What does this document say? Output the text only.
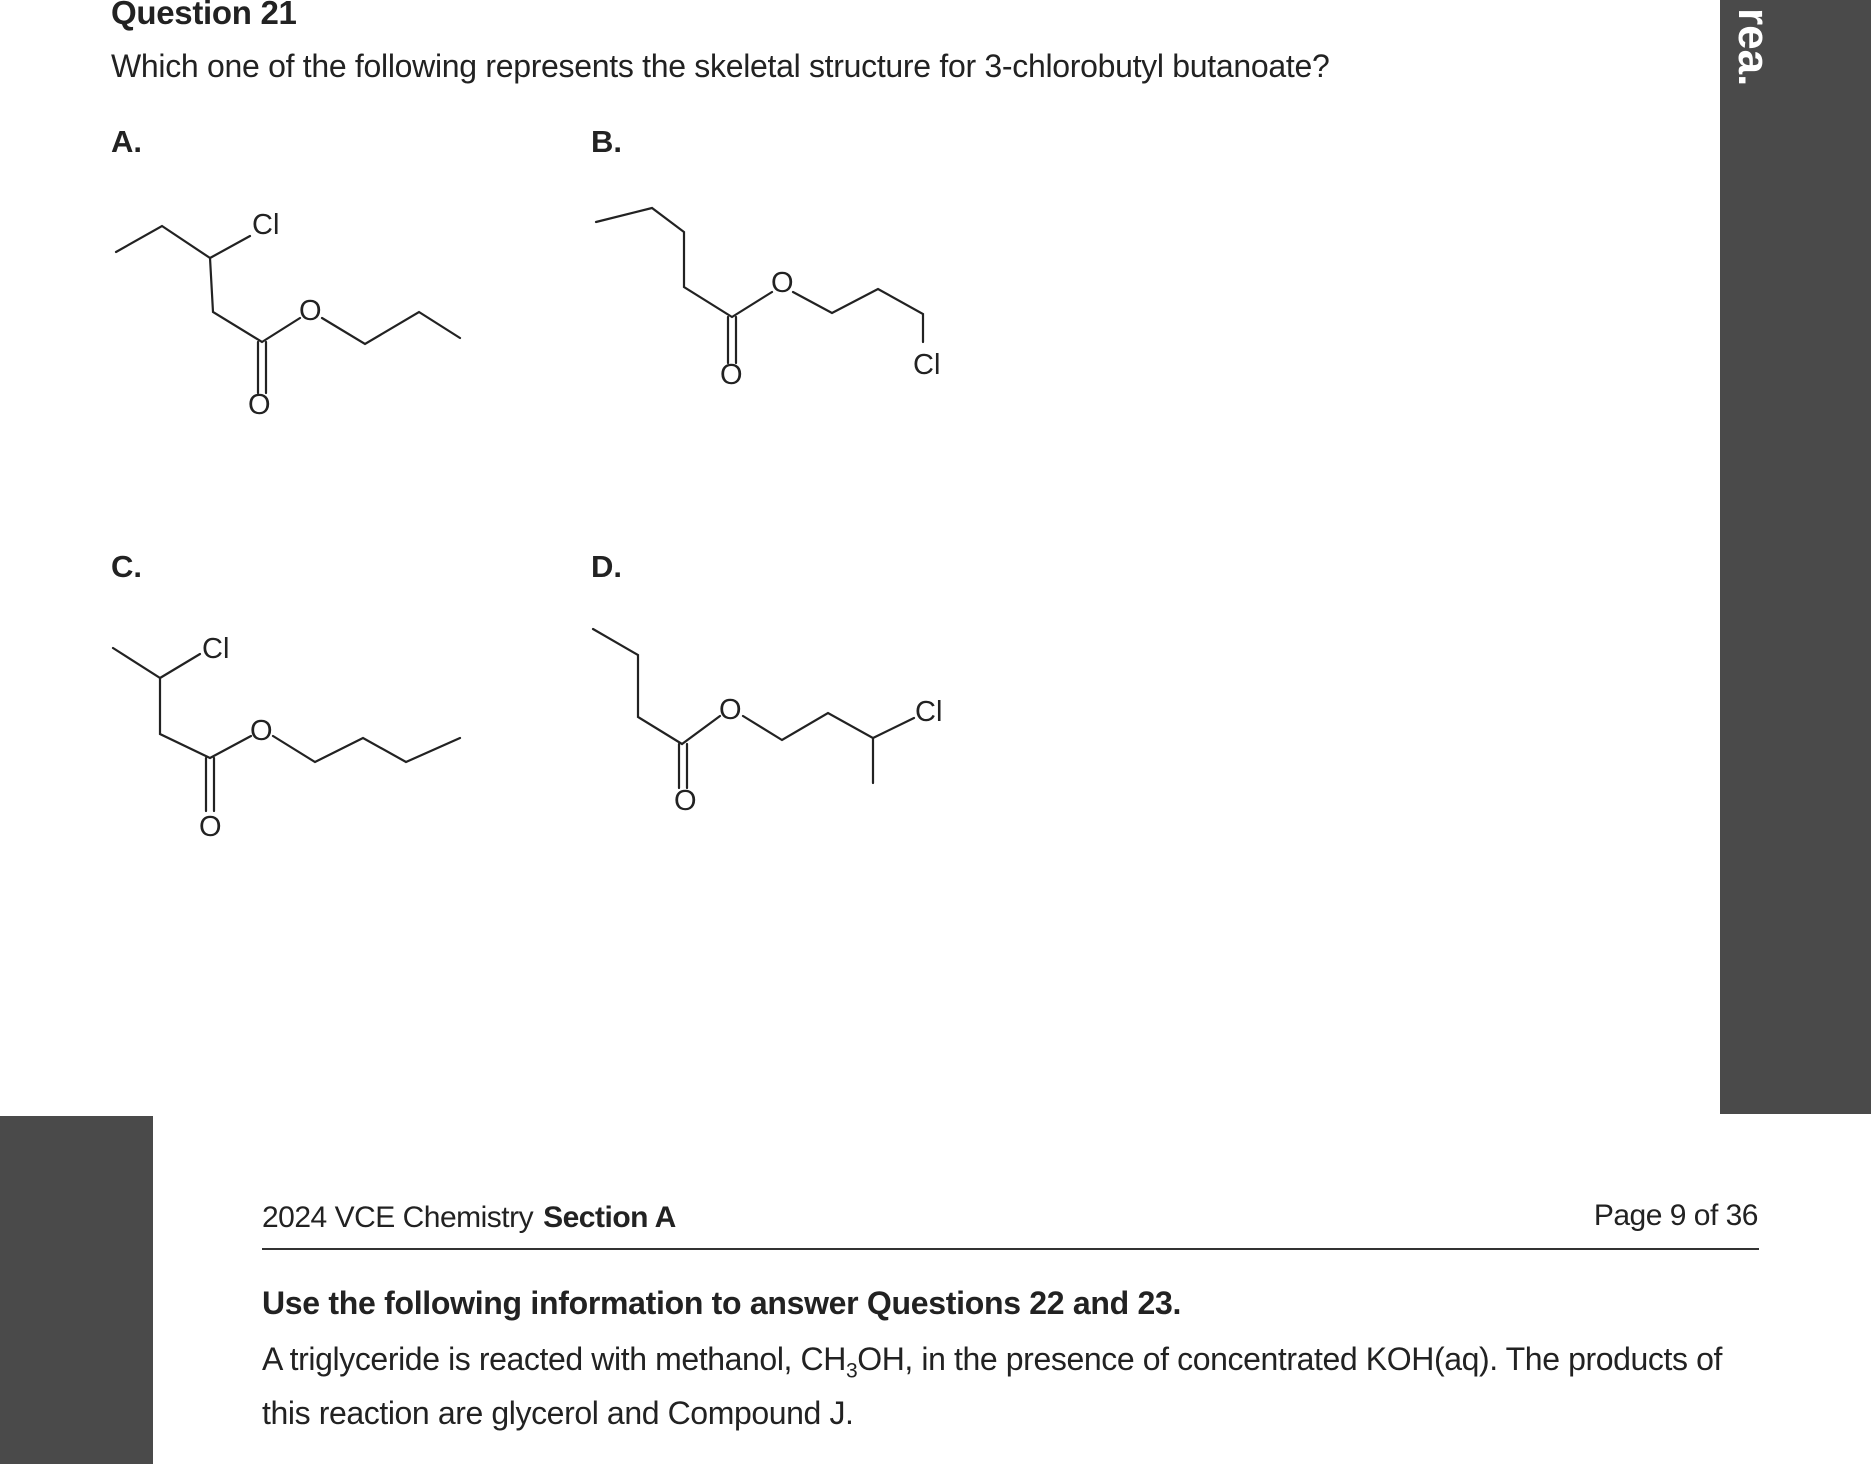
Question 21
Which one of the following represents the skeletal structure for 3-chlorobutyl butanoate?
A.	B.
C.	D.
Cl
O
O
O
O	Cl
Cl
O
O
O	Cl
O
rea.
2024 VCE Chemistry Section A	Page 9 of 36
Use the following information to answer Questions 22 and 23.
A triglyceride is reacted with methanol, $CH_3OH$, in the presence of concentrated KOH(aq). The products of this reaction are glycerol and Compound J.
